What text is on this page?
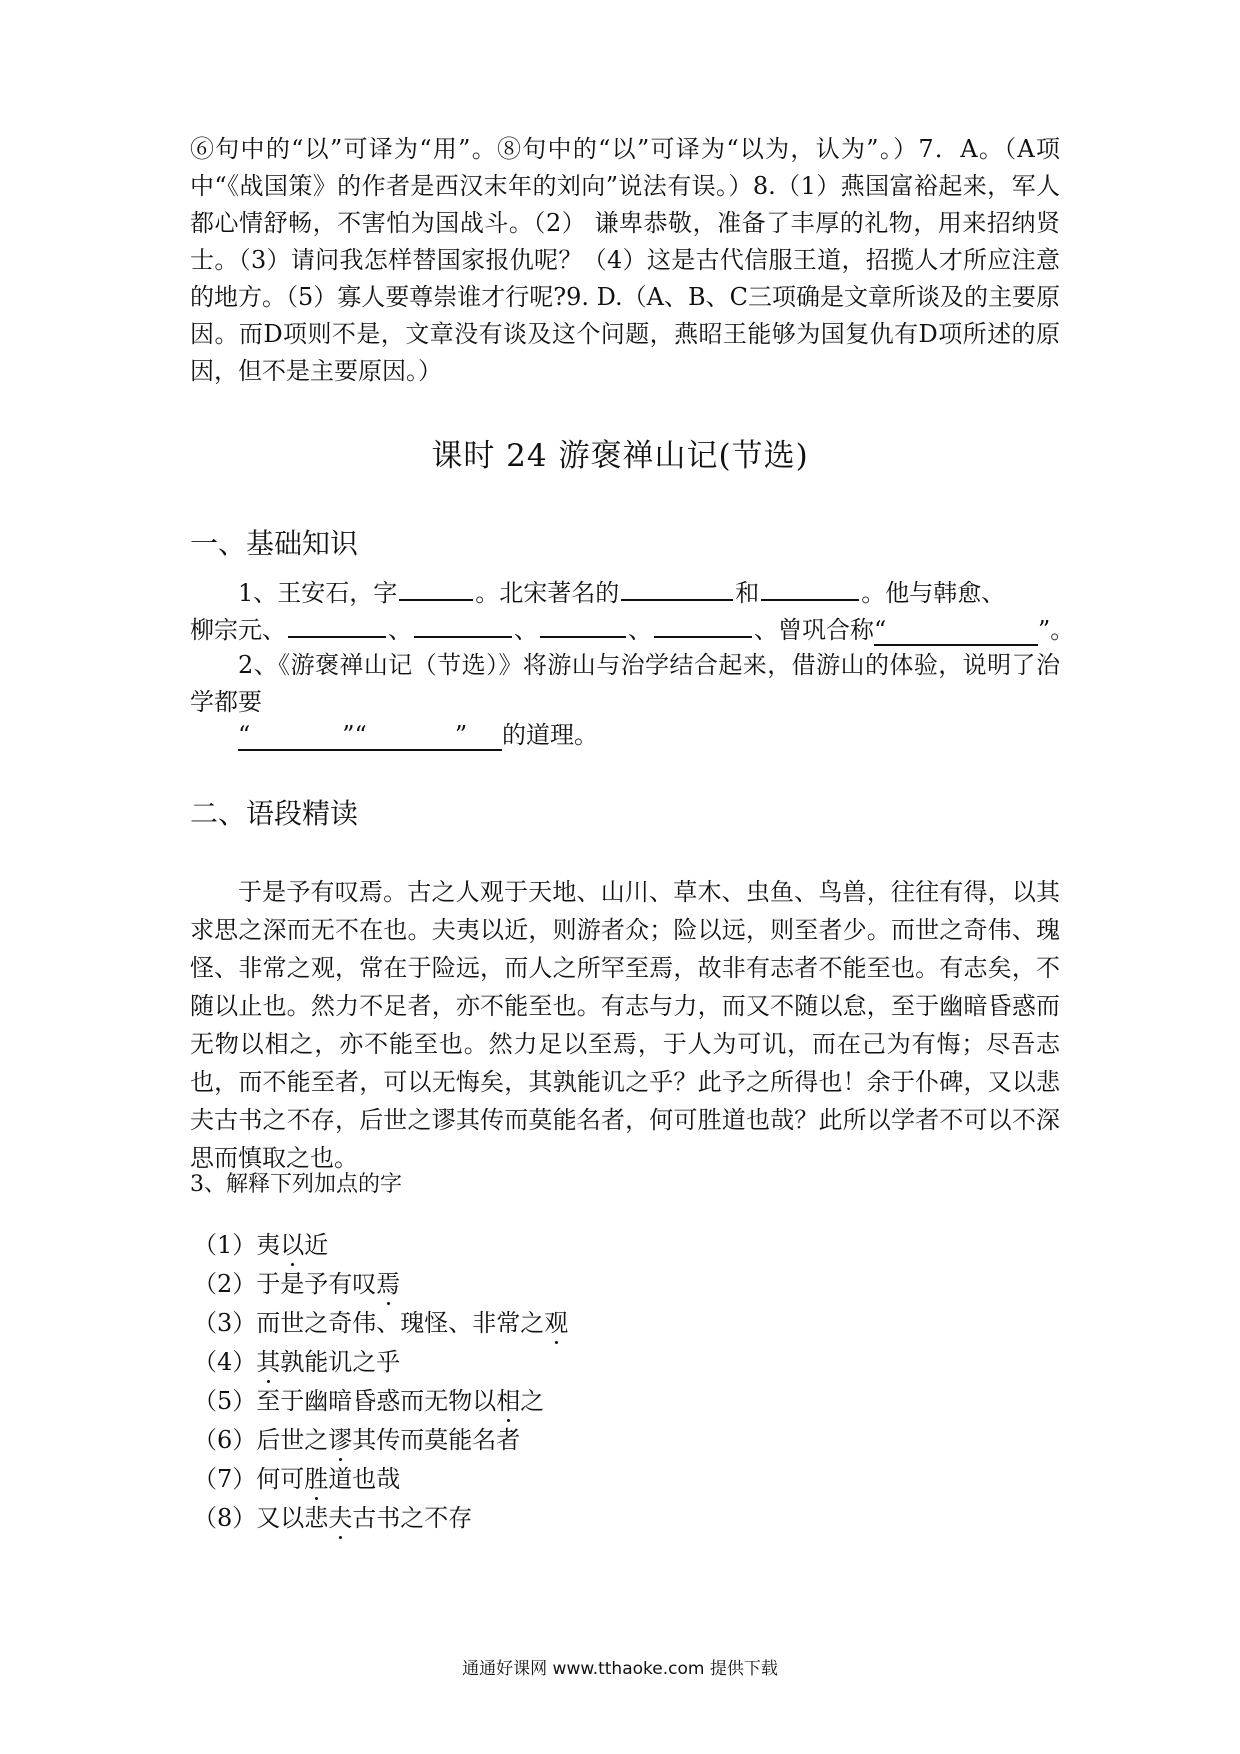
⑥句中的“以”可译为“用”。⑧句中的“以”可译为“以为，认为”。）7．A。（A项中“《战国策》的作者是西汉末年的刘向”说法有误。）8.（1）燕国富裕起来，军人都心情舒畅，不害怕为国战斗。（2） 谦卑恭敬，准备了丰厚的礼物，用来招纳贤士。（3）请问我怎样替国家报仇呢？（4）这是古代信服王道，招揽人才所应注意的地方。（5）寡人要尊崇谁才行呢?9. D.（A、B、C三项确是文章所谈及的主要原因。而D项则不是，文章没有谈及这个问题，燕昭王能够为国复仇有D项所述的原因，但不是主要原因。）
课时 24 游褒禅山记(节选)
一、基础知识
1、王安石，字	。北宋著名的	和	。他与韩愈、
柳宗元、	、	、	、	、曾巩合称“	”。
2、《游褒禅山记（节选）》将游山与治学结合起来，借游山的体验，说明了治学都要
“	”“	” 的道理。
二、语段精读
于是予有叹焉。古之人观于天地、山川、草木、虫鱼、鸟兽，往往有得，以其求思之深而无不在也。夫夷以近，则游者众；险以远，则至者少。而世之奇伟、瑰怪、非常之观，常在于险远，而人之所罕至焉，故非有志者不能至也。有志矣，不随以止也。然力不足者，亦不能至也。有志与力，而又不随以怠，至于幽暗昏惑而无物以相之，亦不能至也。然力足以至焉，于人为可讥，而在己为有悔；尽吾志也，而不能至者，可以无悔矣，其孰能讥之乎？此予之所得也！余于仆碑，又以悲夫古书之不存，后世之谬其传而莫能名者，何可胜道也哉？此所以学者不可以不深思而慎取之也。
3、解释下列加点的字
（1）夷以近
（2）于是予有叹焉
（3）而世之奇伟、瑰怪、非常之观
（4）其孰能讥之乎
（5）至于幽暗昏惑而无物以相之
（6）后世之谬其传而莫能名者
（7）何可胜道也哉
（8）又以悲夫古书之不存
通通好课网 www.tthaoke.com 提供下载
